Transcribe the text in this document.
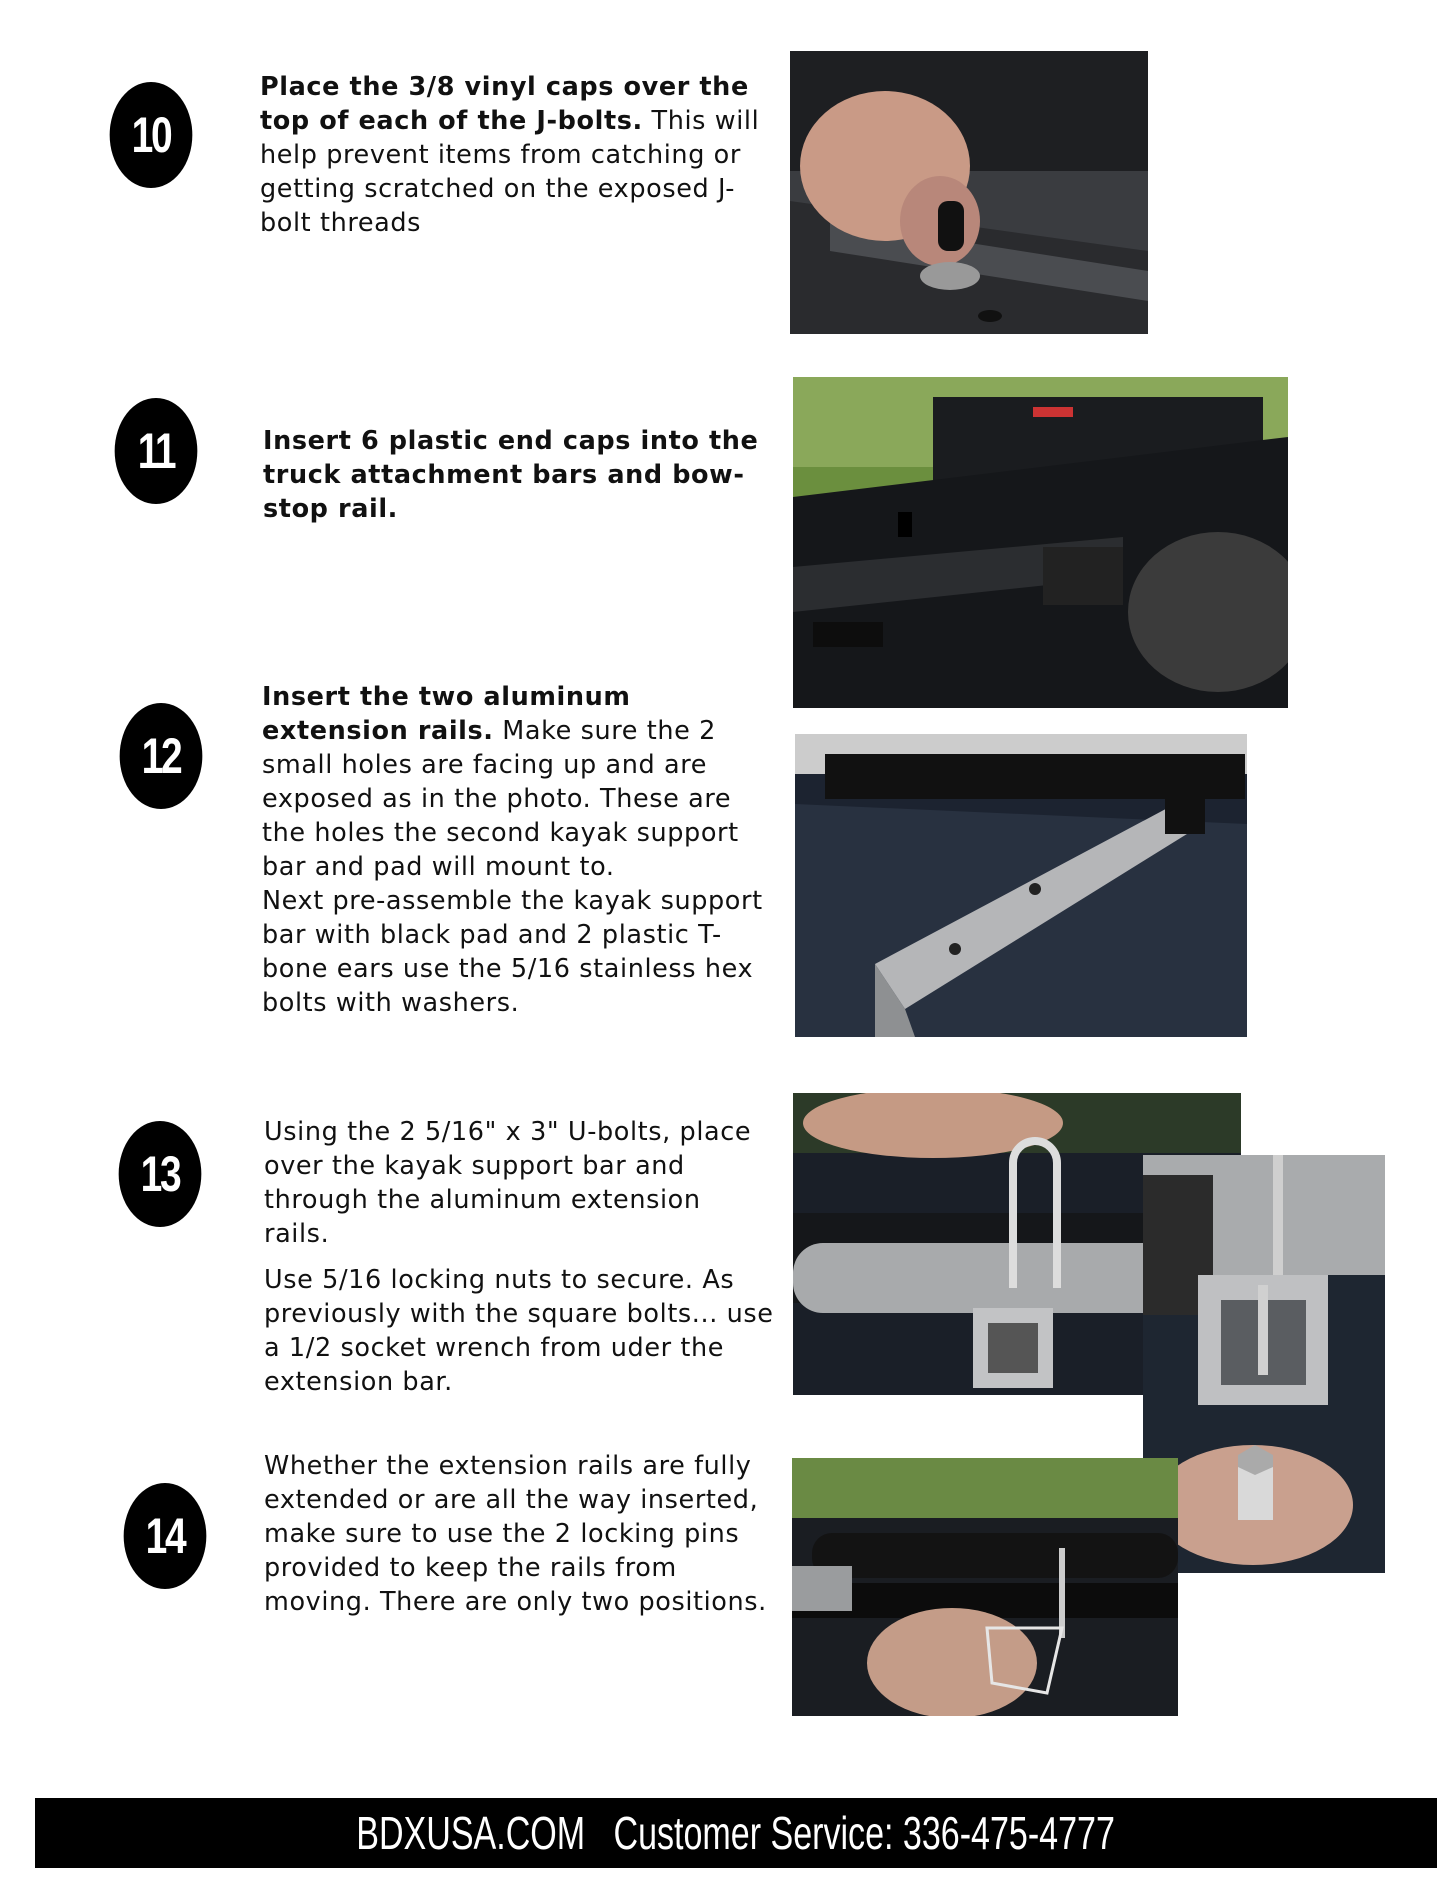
10

Place the 3/8 vinyl caps over the top of each of the J-bolts. This will help prevent items from catching or getting scratched on the exposed J-bolt threads

11	Insert 6 plastic end caps into the truck attachment bars and bow-stop rail.

12

Insert the two aluminum extension rails. Make sure the 2 small holes are facing up and are exposed as in the photo. These are the holes the second kayak support bar and pad will mount to.

Next pre-assemble the kayak support bar with black pad and 2 plastic T-bone ears use the 5/16 stainless hex bolts with washers.

13

Using the 2 5/16" x 3" U-bolts, place over the kayak support bar and through the aluminum extension rails.

Use 5/16 locking nuts to secure. As previously with the square bolts... use a 1/2 socket wrench from uder the extension bar.

14

Whether the extension rails are fully extended or are all the way inserted, make sure to use the 2 locking pins provided to keep the rails from moving. There are only two positions.

BDXUSA.COM   Customer Service: 336-475-4777
